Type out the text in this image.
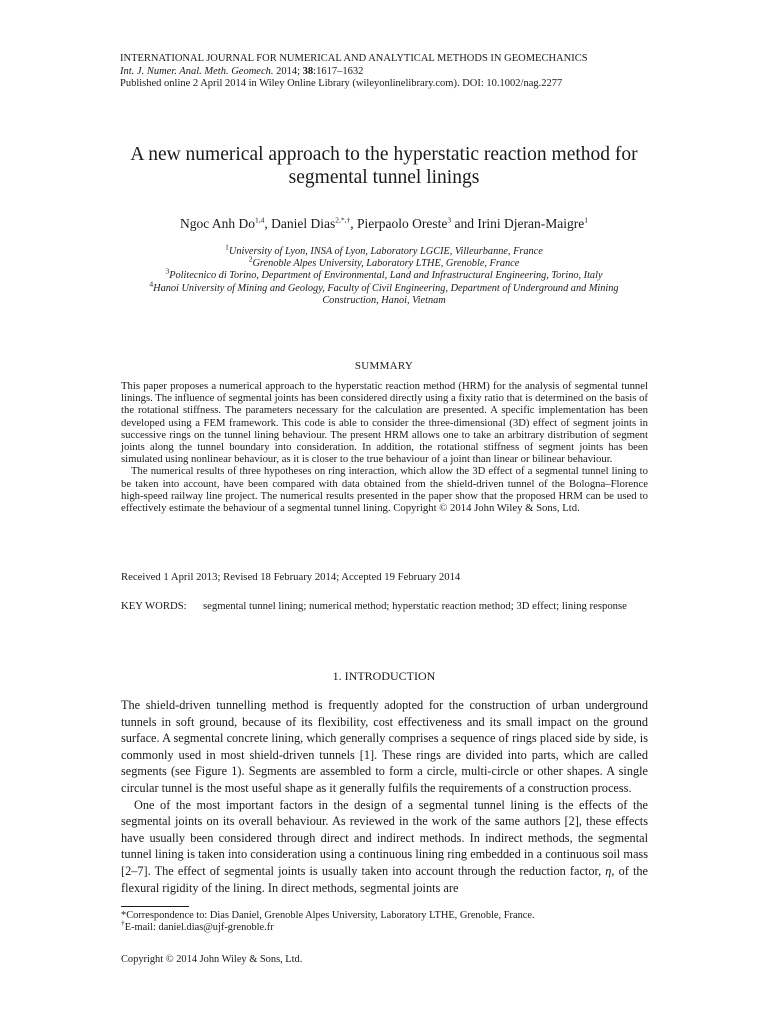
INTERNATIONAL JOURNAL FOR NUMERICAL AND ANALYTICAL METHODS IN GEOMECHANICS
Int. J. Numer. Anal. Meth. Geomech. 2014; 38:1617–1632
Published online 2 April 2014 in Wiley Online Library (wileyonlinelibrary.com). DOI: 10.1002/nag.2277
A new numerical approach to the hyperstatic reaction method for
segmental tunnel linings
Ngoc Anh Do$^{1,4}$, Daniel Dias$^{2,*,\dagger}$, Pierpaolo Oreste$^3$ and Irini Djeran-Maigre$^1$
$^1$University of Lyon, INSA of Lyon, Laboratory LGCIE, Villeurbanne, France
$^2$Grenoble Alpes University, Laboratory LTHE, Grenoble, France
$^3$Politecnico di Torino, Department of Environmental, Land and Infrastructural Engineering, Torino, Italy
$^4$Hanoi University of Mining and Geology, Faculty of Civil Engineering, Department of Underground and Mining
Construction, Hanoi, Vietnam
SUMMARY

This paper proposes a numerical approach to the hyperstatic reaction method (HRM) for the analysis of segmental tunnel linings. The influence of segmental joints has been considered directly using a fixity ratio that is determined on the basis of the rotational stiffness. The parameters necessary for the calculation are presented. A specific implementation has been developed using a FEM framework. This code is able to consider the three-dimensional (3D) effect of segment joints in successive rings on the tunnel lining behaviour. The present HRM allows one to take an arbitrary distribution of segment joints along the tunnel boundary into consideration. In addition, the rotational stiffness of segment joints has been simulated using nonlinear behaviour, as it is closer to the true behaviour of a joint than linear or bilinear behaviour.

The numerical results of three hypotheses on ring interaction, which allow the 3D effect of a segmental tunnel lining to be taken into account, have been compared with data obtained from the shield-driven tunnel of the Bologna–Florence high-speed railway line project. The numerical results presented in the paper show that the proposed HRM can be used to effectively estimate the behaviour of a segmental tunnel lining. Copyright © 2014 John Wiley & Sons, Ltd.

Received 1 April 2013; Revised 18 February 2014; Accepted 19 February 2014
KEY WORDS: segmental tunnel lining; numerical method; hyperstatic reaction method; 3D effect; lining response
1. INTRODUCTION

The shield-driven tunnelling method is frequently adopted for the construction of urban underground tunnels in soft ground, because of its flexibility, cost effectiveness and its small impact on the ground surface. A segmental concrete lining, which generally comprises a sequence of rings placed side by side, is commonly used in most shield-driven tunnels [1]. These rings are divided into parts, which are called segments (see Figure 1). Segments are assembled to form a circle, multi-circle or other shapes. A single circular tunnel is the most useful shape as it generally fulfils the requirements of a construction process.

One of the most important factors in the design of a segmental tunnel lining is the effects of the segmental joints on its overall behaviour. As reviewed in the work of the same authors [2], these effects have usually been considered through direct and indirect methods. In indirect methods, the segmental tunnel lining is taken into consideration using a continuous lining ring embedded in a continuous soil mass [2–7]. The effect of segmental joints is usually taken into account through the reduction factor, η, of the flexural rigidity of the lining. In direct methods, segmental joints are

*Correspondence to: Dias Daniel, Grenoble Alpes University, Laboratory LTHE, Grenoble, France.
†E-mail: daniel.dias@ujf-grenoble.fr
Copyright © 2014 John Wiley & Sons, Ltd.
